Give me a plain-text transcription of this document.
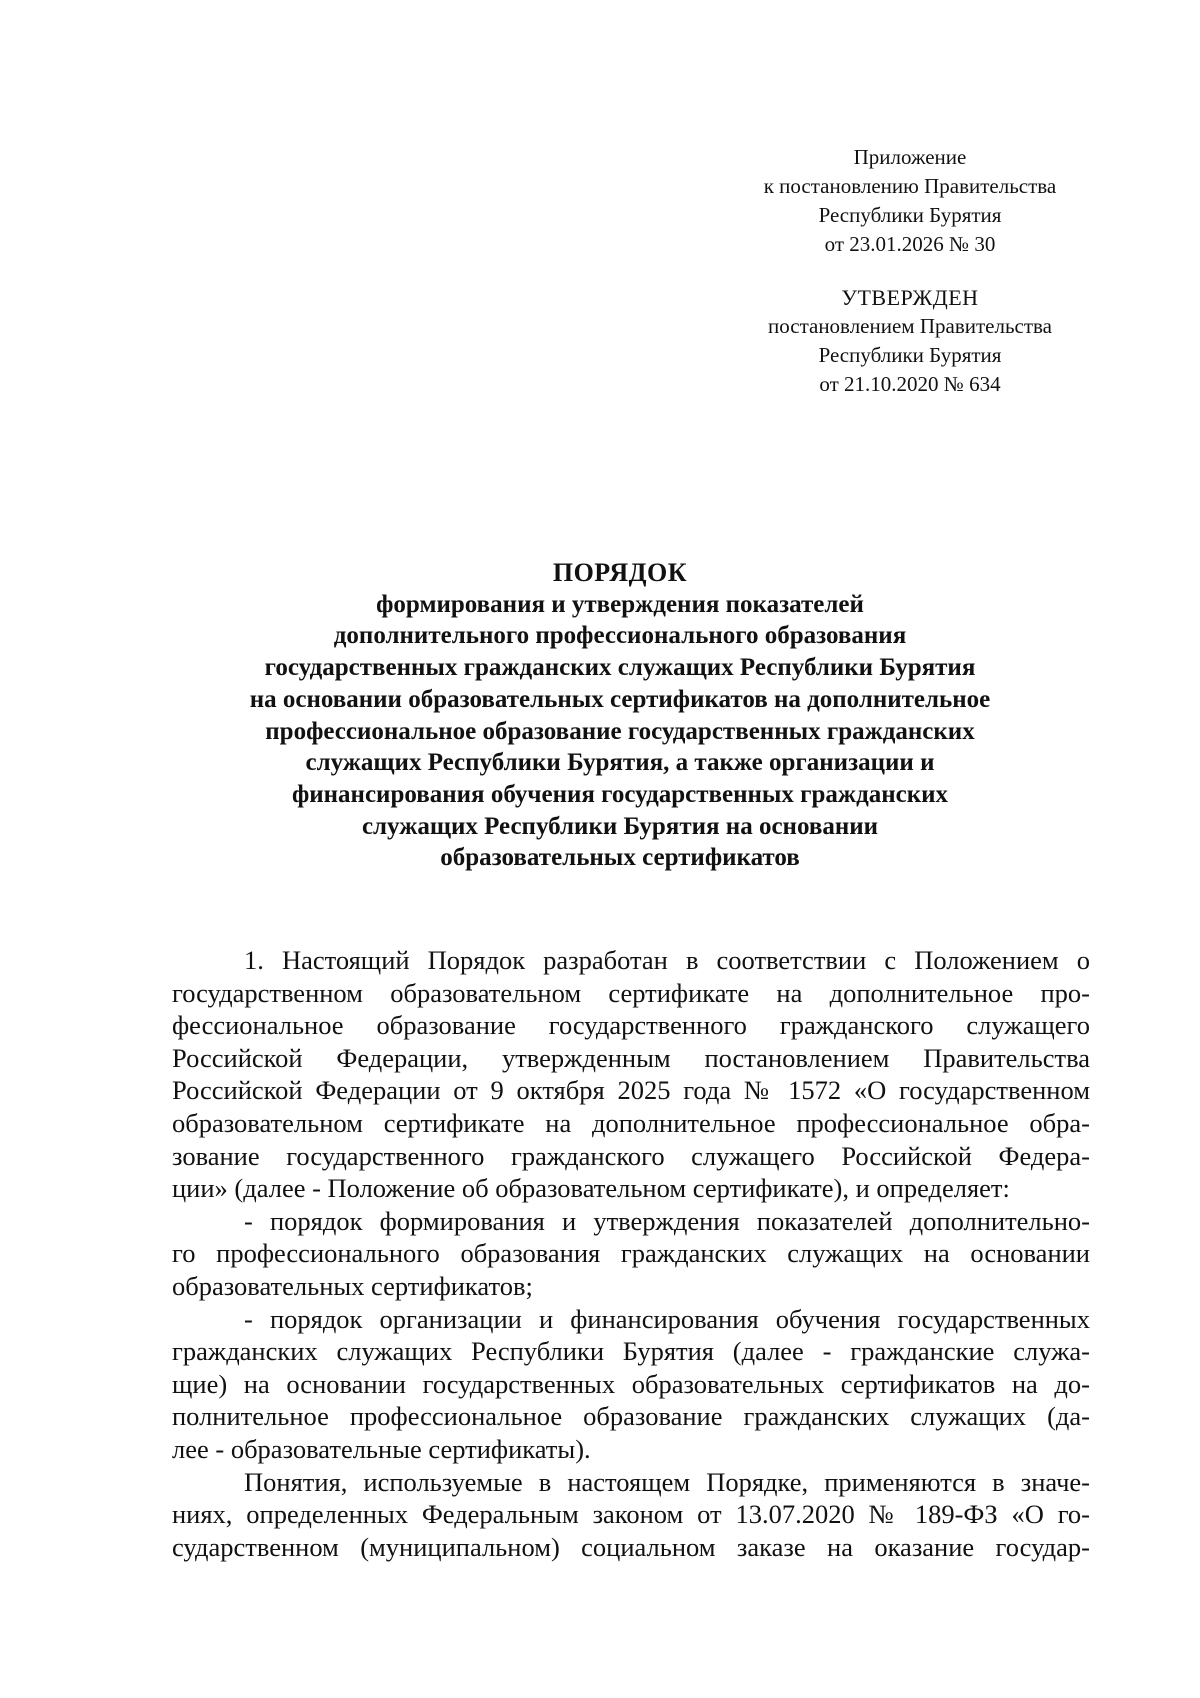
Приложение
к постановлению Правительства
Республики Бурятия
от 23.01.2026 № 30
УТВЕРЖДЕН
постановлением Правительства
Республики Бурятия
от 21.10.2020 № 634
ПОРЯДОК
формирования и утверждения показателей
дополнительного профессионального образования
государственных гражданских служащих Республики Бурятия
на основании образовательных сертификатов на дополнительное
профессиональное образование государственных гражданских
служащих Республики Бурятия, а также организации и
финансирования обучения государственных гражданских
служащих Республики Бурятия на основании
образовательных сертификатов
1. Настоящий Порядок разработан в соответствии с Положением о
государственном образовательном сертификате на дополнительное про-
фессиональное образование государственного гражданского служащего
Российской Федерации, утвержденным постановлением Правительства
Российской Федерации от 9 октября 2025 года № 1572 «О государственном
образовательном сертификате на дополнительное профессиональное обра-
зование государственного гражданского служащего Российской Федера-
ции» (далее - Положение об образовательном сертификате), и определяет:
- порядок формирования и утверждения показателей дополнительно-
го профессионального образования гражданских служащих на основании
образовательных сертификатов;
- порядок организации и финансирования обучения государственных
гражданских служащих Республики Бурятия (далее - гражданские служа-
щие) на основании государственных образовательных сертификатов на до-
полнительное профессиональное образование гражданских служащих (да-
лее - образовательные сертификаты).
Понятия, используемые в настоящем Порядке, применяются в значе-
ниях, определенных Федеральным законом от 13.07.2020 № 189-ФЗ «О го-
сударственном (муниципальном) социальном заказе на оказание государ-
